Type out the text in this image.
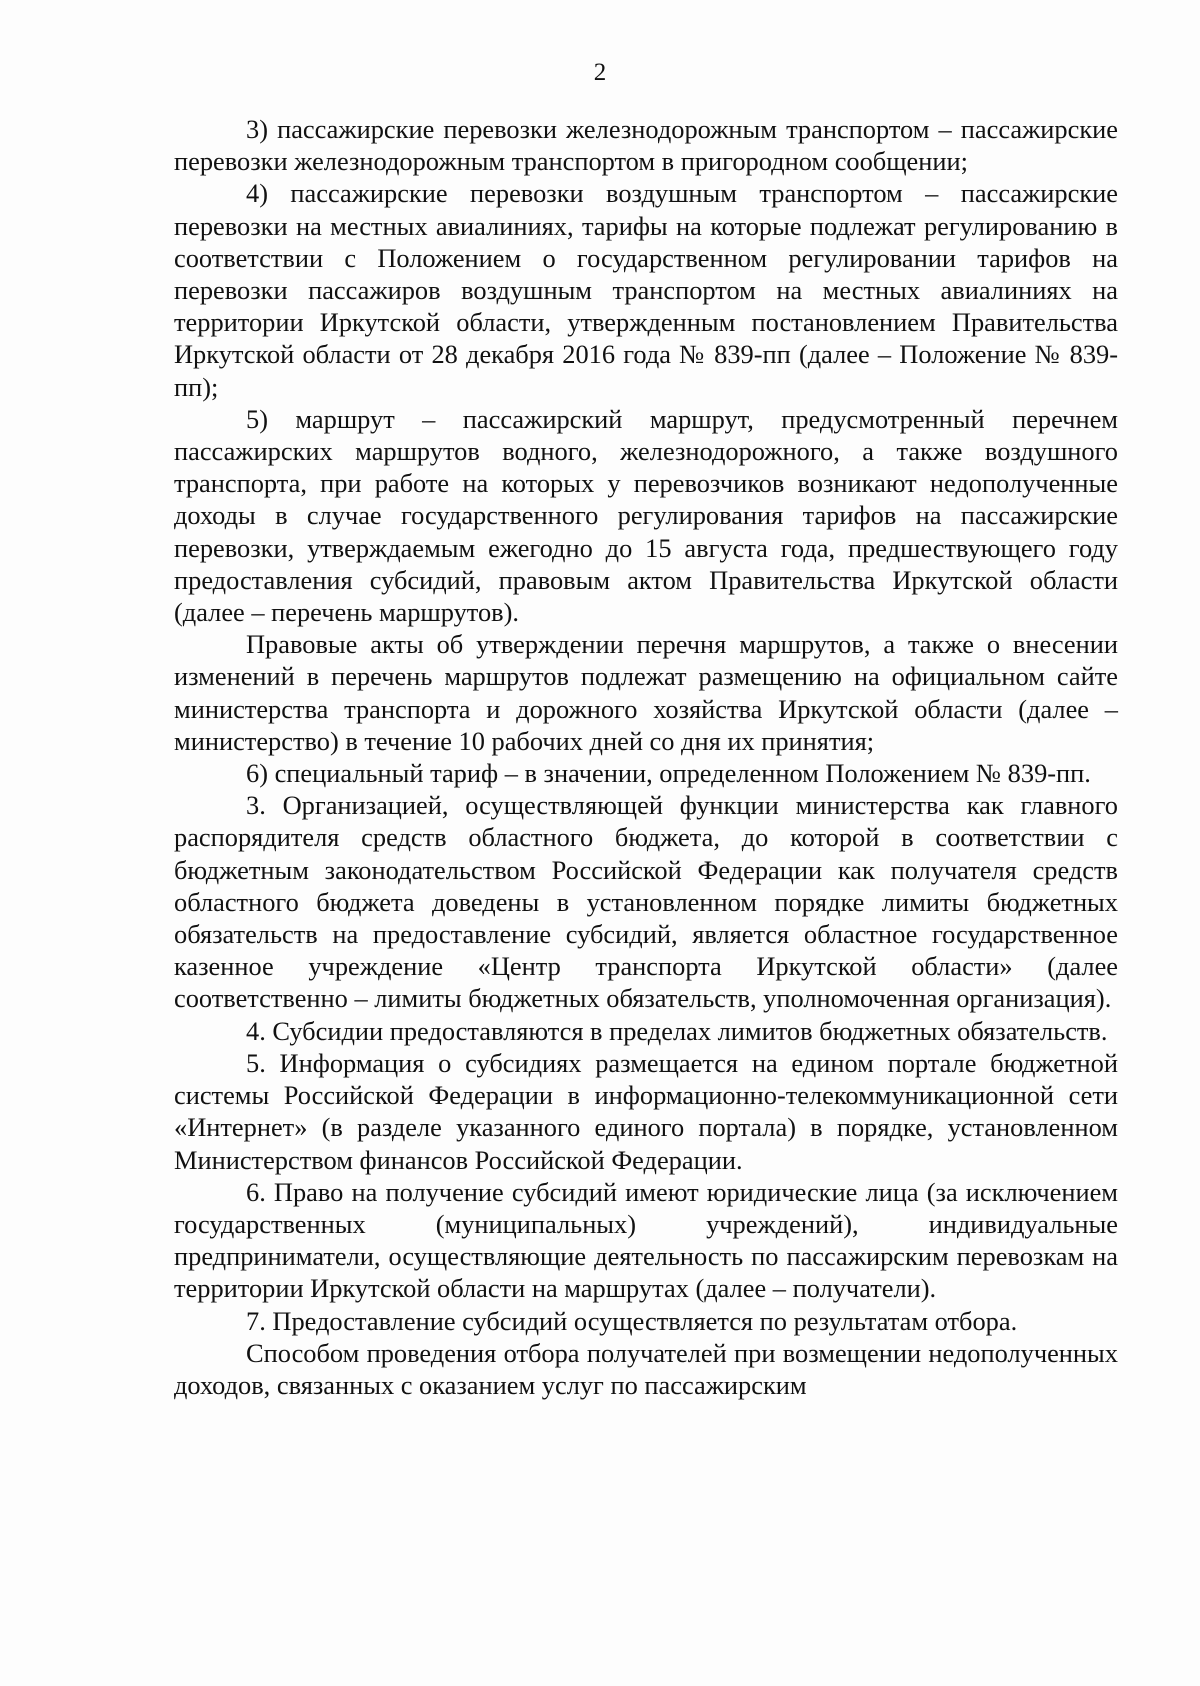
2

3) пассажирские перевозки железнодорожным транспортом – пассажирские перевозки железнодорожным транспортом в пригородном сообщении;

4) пассажирские перевозки воздушным транспортом – пассажирские перевозки на местных авиалиниях, тарифы на которые подлежат регулированию в соответствии с Положением о государственном регулировании тарифов на перевозки пассажиров воздушным транспортом на местных авиалиниях на территории Иркутской области, утвержденным постановлением Правительства Иркутской области от 28 декабря 2016 года № 839-пп (далее – Положение № 839-пп);

5) маршрут – пассажирский маршрут, предусмотренный перечнем пассажирских маршрутов водного, железнодорожного, а также воздушного транспорта, при работе на которых у перевозчиков возникают недополученные доходы в случае государственного регулирования тарифов на пассажирские перевозки, утверждаемым ежегодно до 15 августа года, предшествующего году предоставления субсидий, правовым актом Правительства Иркутской области (далее – перечень маршрутов).

Правовые акты об утверждении перечня маршрутов, а также о внесении изменений в перечень маршрутов подлежат размещению на официальном сайте министерства транспорта и дорожного хозяйства Иркутской области (далее – министерство) в течение 10 рабочих дней со дня их принятия;

6) специальный тариф – в значении, определенном Положением № 839-пп.

3. Организацией, осуществляющей функции министерства как главного распорядителя средств областного бюджета, до которой в соответствии с бюджетным законодательством Российской Федерации как получателя средств областного бюджета доведены в установленном порядке лимиты бюджетных обязательств на предоставление субсидий, является областное государственное казенное учреждение «Центр транспорта Иркутской области» (далее соответственно – лимиты бюджетных обязательств, уполномоченная организация).

4. Субсидии предоставляются в пределах лимитов бюджетных обязательств.

5. Информация о субсидиях размещается на едином портале бюджетной системы Российской Федерации в информационно-телекоммуникационной сети «Интернет» (в разделе указанного единого портала) в порядке, установленном Министерством финансов Российской Федерации.

6. Право на получение субсидий имеют юридические лица (за исключением государственных (муниципальных) учреждений), индивидуальные предприниматели, осуществляющие деятельность по пассажирским перевозкам на территории Иркутской области на маршрутах (далее – получатели).

7. Предоставление субсидий осуществляется по результатам отбора.

Способом проведения отбора получателей при возмещении недополученных доходов, связанных с оказанием услуг по пассажирским
